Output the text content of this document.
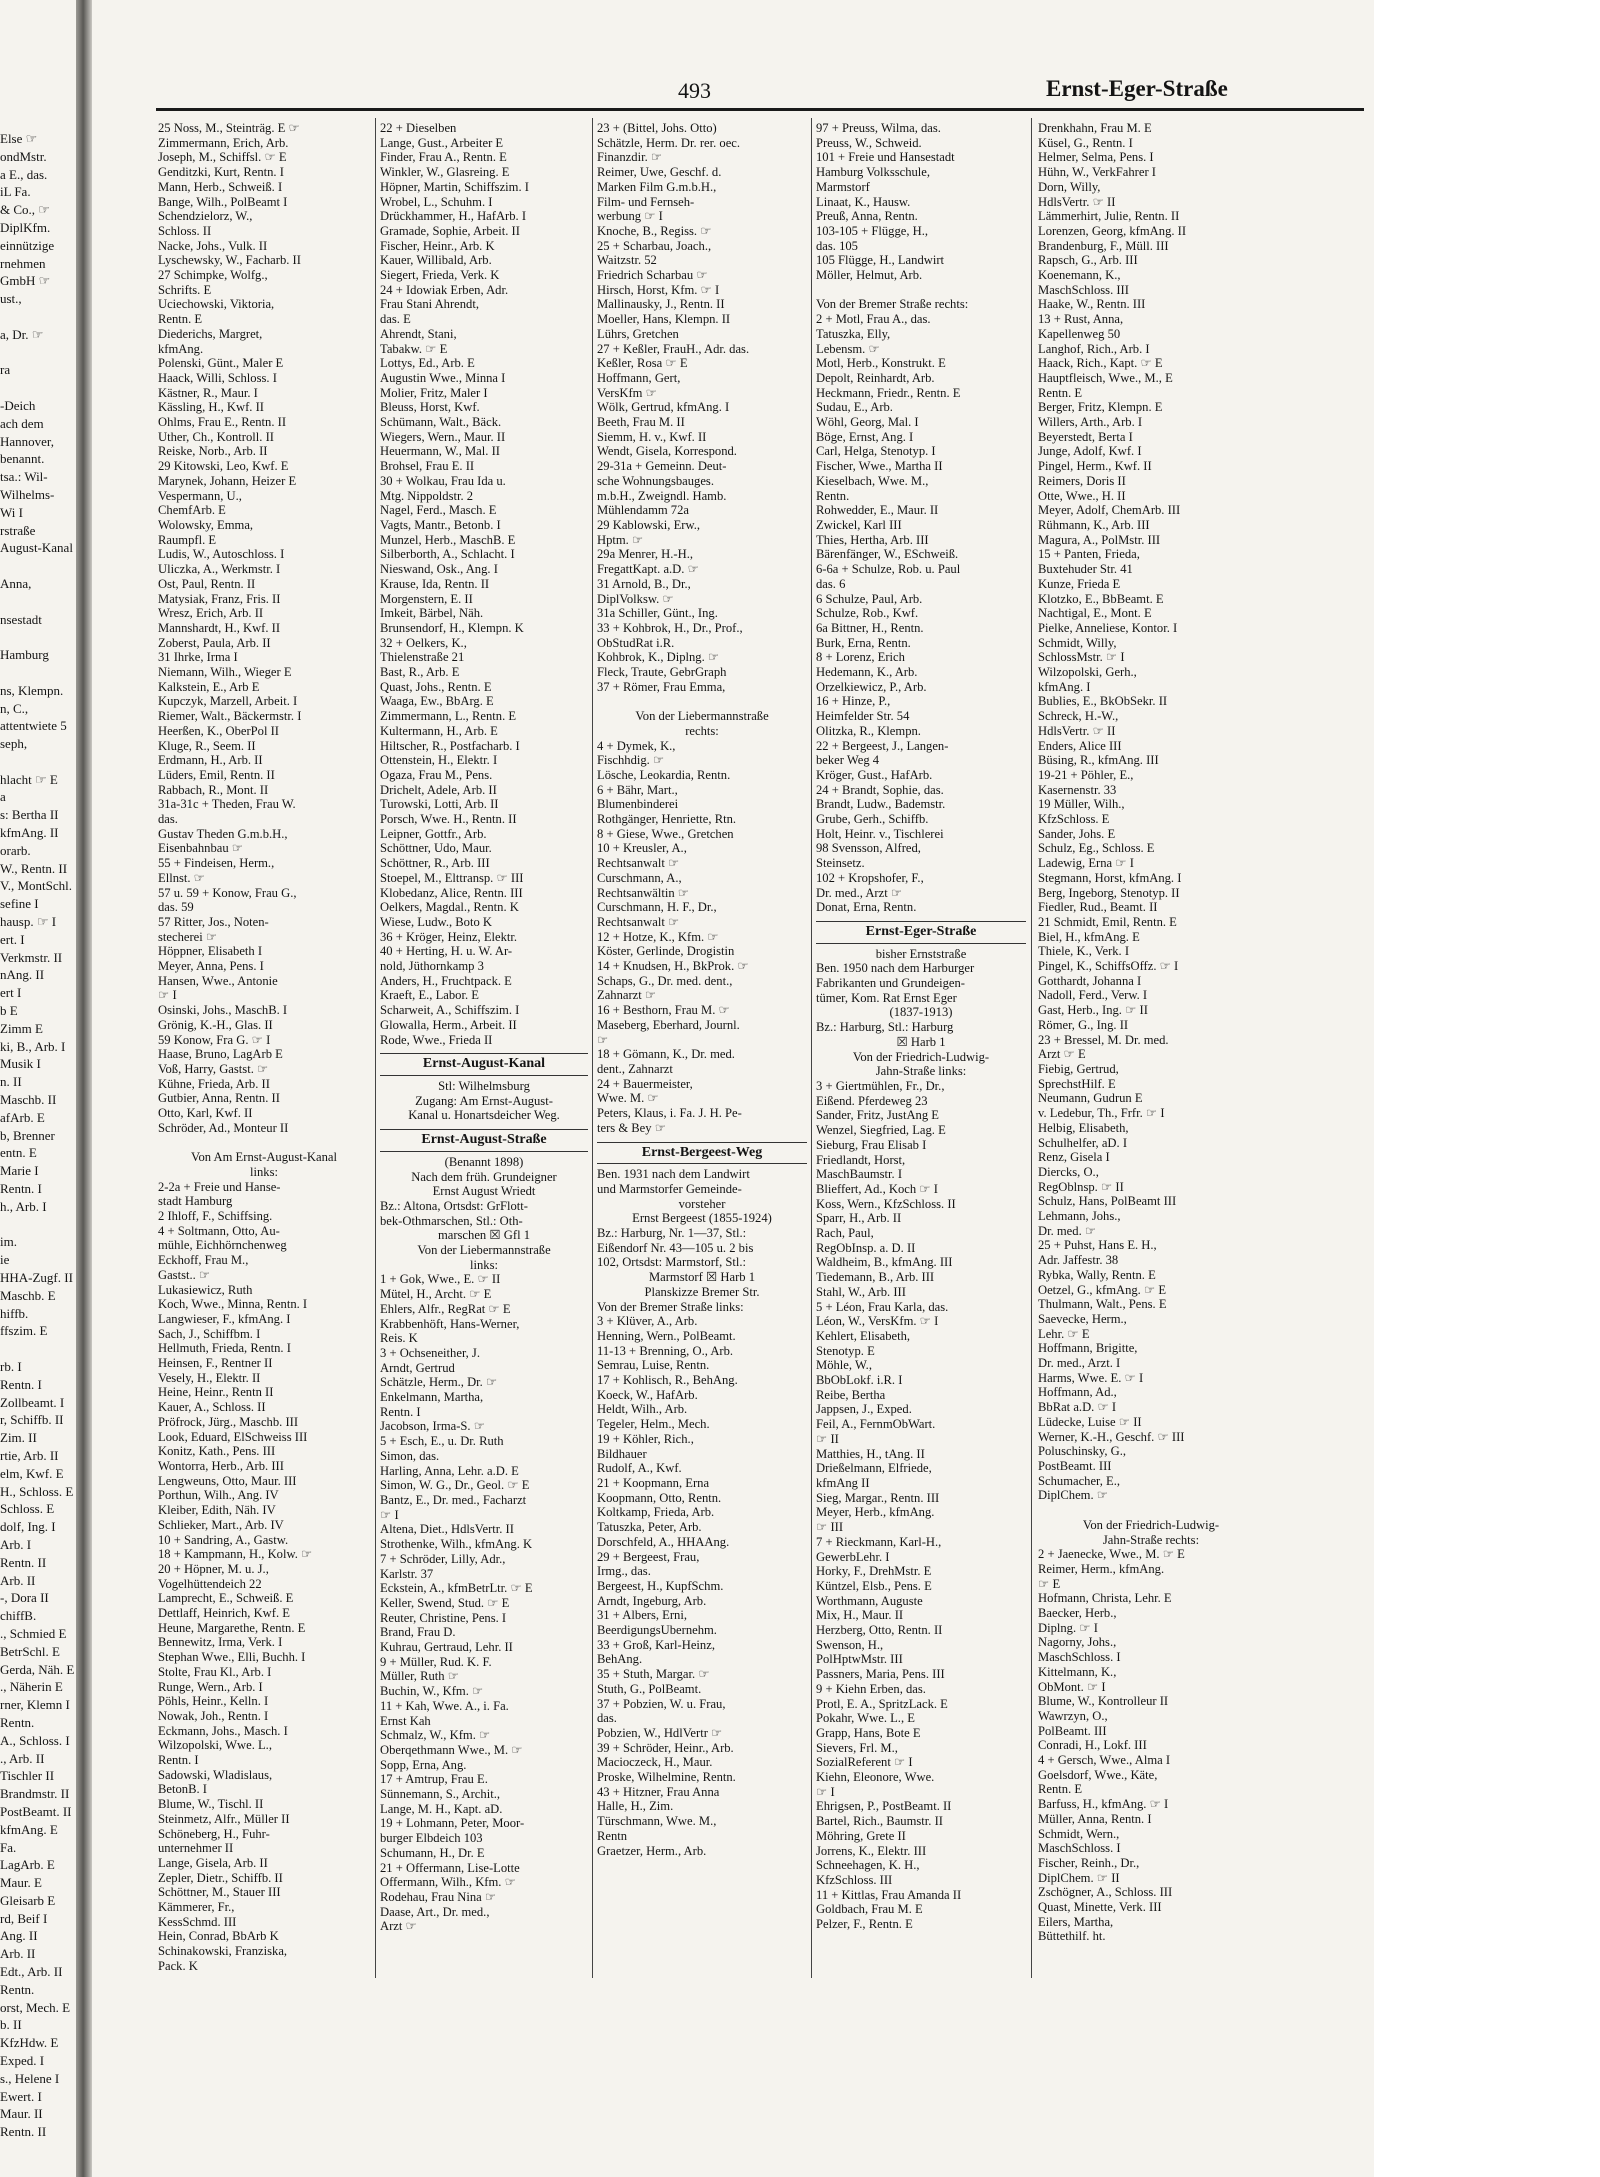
Else ☞
ondMstr.
a E., das.
iL Fa.
& Co., ☞
DiplKfm.
einnützige
rnehmen
GmbH ☞
ust.,

a, Dr. ☞

ra

-Deich
ach dem
Hannover,
benannt.
tsa.: Wil-
Wilhelms-
Wi I
rstraße
August-Kanal

Anna,

nsestadt

Hamburg

ns, Klempn.
n, C.,
attentwiete 5
seph,

hlacht ☞ E
a
s: Bertha II
kfmAng. II
orarb.
W., Rentn. II
V., MontSchl.
sefine I
hausp. ☞ I
ert. I
Verkmstr. II
nAng. II
ert I
b E
Zimm E
ki, B., Arb. I
Musik I
n. II
Maschb. II
afArb. E
b, Brenner
entn. E
Marie I
Rentn. I
h., Arb. I

im.
ie
HHA-Zugf. II
Maschb. E
hiffb.
ffszim. E

rb. I
Rentn. I
Zollbeamt. I
r, Schiffb. II
Zim. II
rtie, Arb. II
elm, Kwf. E
H., Schloss. E
Schloss. E
dolf, Ing. I
Arb. I
Rentn. II
Arb. II
-, Dora II
chiffB.
., Schmied E
BetrSchl. E
Gerda, Näh. E
., Näherin E
rner, Klemn I
Rentn.
A., Schloss. I
., Arb. II
Tischler II
Brandmstr. II
PostBeamt. II
kfmAng. E
Fa.
LagArb. E
Maur. E
Gleisarb E
rd, Beif I
Ang. II
Arb. II
Edt., Arb. II
Rentn.
orst, Mech. E
b. II
KfzHdw. E
Exped. I
s., Helene I
Ewert. I
Maur. II
Rentn. II
493	Ernst-Eger-Straße
25 Noss, M., Steinträg. E ☞
Zimmermann, Erich, Arb.
Joseph, M., Schiffsl. ☞ E
Genditzki, Kurt, Rentn. I
Mann, Herb., Schweiß. I
Bange, Wilh., PolBeamt I
Schendzielorz, W.,
Schloss. II
Nacke, Johs., Vulk. II
Lyschewsky, W., Facharb. II
27 Schimpke, Wolfg.,
Schrifts. E
Uciechowski, Viktoria,
Rentn. E
Diederichs, Margret,
kfmAng.
Polenski, Günt., Maler E
Haack, Willi, Schloss. I
Kästner, R., Maur. I
Kässling, H., Kwf. II
Ohlms, Frau E., Rentn. II
Uther, Ch., Kontroll. II
Reiske, Norb., Arb. II
29 Kitowski, Leo, Kwf. E
Marynek, Johann, Heizer E
Vespermann, U.,
ChemfArb. E
Wolowsky, Emma,
Raumpfl. E
Ludis, W., Autoschloss. I
Uliczka, A., Werkmstr. I
Ost, Paul, Rentn. II
Matysiak, Franz, Fris. II
Wresz, Erich, Arb. II
Mannshardt, H., Kwf. II
Zoberst, Paula, Arb. II
31 Ihrke, Irma I
Niemann, Wilh., Wieger E
Kalkstein, E., Arb E
Kupczyk, Marzell, Arbeit. I
Riemer, Walt., Bäckermstr. I
Heerßen, K., OberPol II
Kluge, R., Seem. II
Erdmann, H., Arb. II
Lüders, Emil, Rentn. II
Rabbach, R., Mont. II
31a-31c + Theden, Frau W.
das.
Gustav Theden G.m.b.H.,
Eisenbahnbau ☞
55 + Findeisen, Herm.,
Ellnst. ☞
57 u. 59 + Konow, Frau G.,
das. 59
57 Ritter, Jos., Noten-
stecherei ☞
Höppner, Elisabeth I
Meyer, Anna, Pens. I
Hansen, Wwe., Antonie
☞ I
Osinski, Johs., MaschB. I
Grönig, K.-H., Glas. II
59 Konow, Fra G. ☞ I
Haase, Bruno, LagArb E
Voß, Harry, Gastst. ☞
Kühne, Frieda, Arb. II
Gutbier, Anna, Rentn. II
Otto, Karl, Kwf. II
Schröder, Ad., Monteur II

Von Am Ernst-August-Kanal
links:
2-2a + Freie und Hanse-
stadt Hamburg
2 Ihloff, F., Schiffsing.
4 + Soltmann, Otto, Au-
mühle, Eichhörnchenweg
Eckhoff, Frau M.,
Gastst.. ☞
Lukasiewicz, Ruth
Koch, Wwe., Minna, Rentn. I
Langwieser, F., kfmAng. I
Sach, J., Schiffbm. I
Hellmuth, Frieda, Rentn. I
Heinsen, F., Rentner II
Vesely, H., Elektr. II
Heine, Heinr., Rentn II
Kauer, A., Schloss. II
Pröfrock, Jürg., Maschb. III
Look, Eduard, ElSchweiss III
Konitz, Kath., Pens. III
Wontorra, Herb., Arb. III
Lengweuns, Otto, Maur. III
Porthun, Wilh., Ang. IV
Kleiber, Edith, Näh. IV
Schlieker, Mart., Arb. IV
10 + Sandring, A., Gastw.
18 + Kampmann, H., Kolw. ☞
20 + Höpner, M. u. J.,
Vogelhüttendeich 22
Lamprecht, E., Schweiß. E
Dettlaff, Heinrich, Kwf. E
Heune, Margarethe, Rentn. E
Bennewitz, Irma, Verk. I
Stephan Wwe., Elli, Buchh. I
Stolte, Frau Kl., Arb. I
Runge, Wern., Arb. I
Pöhls, Heinr., Kelln. I
Nowak, Joh., Rentn. I
Eckmann, Johs., Masch. I
Wilzopolski, Wwe. L.,
Rentn. I
Sadowski, Wladislaus,
BetonB. I
Blume, W., Tischl. II
Steinmetz, Alfr., Müller II
Schöneberg, H., Fuhr-
unternehmer II
Lange, Gisela, Arb. II
Zepler, Dietr., Schiffb. II
Schöttner, M., Stauer III
Kämmerer, Fr.,
KessSchmd. III
Hein, Conrad, BbArb K
Schinakowski, Franziska,
Pack. K
22 + Dieselben
Lange, Gust., Arbeiter E
Finder, Frau A., Rentn. E
Winkler, W., Glasreing. E
Höpner, Martin, Schiffszim. I
Wrobel, L., Schuhm. I
Drückhammer, H., HafArb. I
Gramade, Sophie, Arbeit. II
Fischer, Heinr., Arb. K
Kauer, Willibald, Arb.
Siegert, Frieda, Verk. K
24 + Idowiak Erben, Adr.
Frau Stani Ahrendt,
das. E
Ahrendt, Stani,
Tabakw. ☞ E
Lottys, Ed., Arb. E
Augustin Wwe., Minna I
Molier, Fritz, Maler I
Bleuss, Horst, Kwf.
Schümann, Walt., Bäck.
Wiegers, Wern., Maur. II
Heuermann, W., Mal. II
Brohsel, Frau E. II
30 + Wolkau, Frau Ida u.
Mtg. Nippoldstr. 2
Nagel, Ferd., Masch. E
Vagts, Mantr., Betonb. I
Munzel, Herb., MaschB. E
Silberborth, A., Schlacht. I
Nieswand, Osk., Ang. I
Krause, Ida, Rentn. II
Morgenstern, E. II
Imkeit, Bärbel, Näh.
Brunsendorf, H., Klempn. K
32 + Oelkers, K.,
Thielenstraße 21
Bast, R., Arb. E
Quast, Johs., Rentn. E
Waaga, Ew., BbArg. E
Zimmermann, L., Rentn. E
Kultermann, H., Arb. E
Hiltscher, R., Postfacharb. I
Ottenstein, H., Elektr. I
Ogaza, Frau M., Pens.
Drichelt, Adele, Arb. II
Turowski, Lotti, Arb. II
Porsch, Wwe. H., Rentn. II
Leipner, Gottfr., Arb.
Schöttner, Udo, Maur.
Schöttner, R., Arb. III
Stoepel, M., Elttransp. ☞ III
Klobedanz, Alice, Rentn. III
Oelkers, Magdal., Rentn. K
Wiese, Ludw., Boto K
36 + Kröger, Heinz, Elektr.
40 + Herting, H. u. W. Ar-
nold, Jüthornkamp 3
Anders, H., Fruchtpack. E
Kraeft, E., Labor. E
Scharweit, A., Schiffszim. I
Glowalla, Herm., Arbeit. II
Rode, Wwe., Frieda II
Ernst-August-Kanal
Stl: Wilhelmsburg
Zugang: Am Ernst-August-
Kanal u. Honartsdeicher Weg.
Ernst-August-Straße
(Benannt 1898)
Nach dem früh. Grundeigner
Ernst August Wriedt
Bz.: Altona, Ortsdst: GrFlott-
bek-Othmarschen, Stl.: Oth-
marschen ☒ Gfl 1
Von der Liebermannstraße
links:
1 + Gok, Wwe., E. ☞ II
Mütel, H., Archt. ☞ E
Ehlers, Alfr., RegRat ☞ E
Krabbenhöft, Hans-Werner,
Reis. K
3 + Ochseneither, J.
Arndt, Gertrud
Schätzle, Herm., Dr. ☞
Enkelmann, Martha,
Rentn. I
Jacobson, Irma-S. ☞
5 + Esch, E., u. Dr. Ruth
Simon, das.
Harling, Anna, Lehr. a.D. E
Simon, W. G., Dr., Geol. ☞ E
Bantz, E., Dr. med., Facharzt
☞ I
Altena, Diet., HdlsVertr. II
Strothenke, Wilh., kfmAng. K
7 + Schröder, Lilly, Adr.,
Karlstr. 37
Eckstein, A., kfmBetrLtr. ☞ E
Keller, Swend, Stud. ☞ E
Reuter, Christine, Pens. I
Brand, Frau D.
Kuhrau, Gertraud, Lehr. II
9 + Müller, Rud. K. F.
Müller, Ruth ☞
Buchin, W., Kfm. ☞
11 + Kah, Wwe. A., i. Fa.
Ernst Kah
Schmalz, W., Kfm. ☞
Oberqethmann Wwe., M. ☞
Sopp, Erna, Ang.
17 + Amtrup, Frau E.
Sünnemann, S., Archit.,
Lange, M. H., Kapt. aD.
19 + Lohmann, Peter, Moor-
burger Elbdeich 103
Schumann, H., Dr. E
21 + Offermann, Lise-Lotte
Offermann, Wilh., Kfm. ☞
Rodehau, Frau Nina ☞
Daase, Art., Dr. med.,
Arzt ☞
23 + (Bittel, Johs. Otto)
Schätzle, Herm. Dr. rer. oec.
Finanzdir. ☞
Reimer, Uwe, Geschf. d.
Marken Film G.m.b.H.,
Film- und Fernseh-
werbung ☞ I
Knoche, B., Regiss. ☞
25 + Scharbau, Joach.,
Waitzstr. 52
Friedrich Scharbau ☞
Hirsch, Horst, Kfm. ☞ I
Mallinausky, J., Rentn. II
Moeller, Hans, Klempn. II
Lührs, Gretchen
27 + Keßler, FrauH., Adr. das.
Keßler, Rosa ☞ E
Hoffmann, Gert,
VersKfm ☞
Wölk, Gertrud, kfmAng. I
Beeth, Frau M. II
Siemm, H. v., Kwf. II
Wendt, Gisela, Korrespond.
29-31a + Gemeinn. Deut-
sche Wohnungsbauges.
m.b.H., Zweigndl. Hamb.
Mühlendamm 72a
29 Kablowski, Erw.,
Hptm. ☞
29a Menrer, H.-H.,
FregattKapt. a.D. ☞
31 Arnold, B., Dr.,
DiplVolksw. ☞
31a Schiller, Günt., Ing.
33 + Kohbrok, H., Dr., Prof.,
ObStudRat i.R.
Kohbrok, K., Diplng. ☞
Fleck, Traute, GebrGraph
37 + Römer, Frau Emma,

Von der Liebermannstraße
rechts:
4 + Dymek, K.,
Fischhdig. ☞
Lösche, Leokardia, Rentn.
6 + Bähr, Mart.,
Blumenbinderei
Rothgänger, Henriette, Rtn.
8 + Giese, Wwe., Gretchen
10 + Kreusler, A.,
Rechtsanwalt ☞
Curschmann, A.,
Rechtsanwältin ☞
Curschmann, H. F., Dr.,
Rechtsanwalt ☞
12 + Hotze, K., Kfm. ☞
Köster, Gerlinde, Drogistin
14 + Knudsen, H., BkProk. ☞
Schaps, G., Dr. med. dent.,
Zahnarzt ☞
16 + Besthorn, Frau M. ☞
Maseberg, Eberhard, Journl.
☞
18 + Gömann, K., Dr. med.
dent., Zahnarzt
24 + Bauermeister,
Wwe. M. ☞
Peters, Klaus, i. Fa. J. H. Pe-
ters & Bey ☞
Ernst-Bergeest-Weg
Ben. 1931 nach dem Landwirt
und Marmstorfer Gemeinde-
vorsteher
Ernst Bergeest (1855-1924)
Bz.: Harburg, Nr. 1—37, Stl.:
Eißendorf Nr. 43—105 u. 2 bis
102, Ortsdst: Marmstorf, Stl.:
Marmstorf ☒ Harb 1
Planskizze Bremer Str.
Von der Bremer Straße links:
3 + Klüver, A., Arb.
Henning, Wern., PolBeamt.
11-13 + Brenning, O., Arb.
Semrau, Luise, Rentn.
17 + Kohlisch, R., BehAng.
Koeck, W., HafArb.
Heldt, Wilh., Arb.
Tegeler, Helm., Mech.
19 + Köhler, Rich.,
Bildhauer
Rudolf, A., Kwf.
21 + Koopmann, Erna
Koopmann, Otto, Rentn.
Koltkamp, Frieda, Arb.
Tatuszka, Peter, Arb.
Dorschfeld, A., HHAAng.
29 + Bergeest, Frau,
Irmg., das.
Bergeest, H., KupfSchm.
Arndt, Ingeburg, Arb.
31 + Albers, Erni,
BeerdigungsUbernehm.
33 + Groß, Karl-Heinz,
BehAng.
35 + Stuth, Margar. ☞
Stuth, G., PolBeamt.
37 + Pobzien, W. u. Frau,
das.
Pobzien, W., HdlVertr ☞
39 + Schröder, Heinr., Arb.
Macioczeck, H., Maur.
Proske, Wilhelmine, Rentn.
43 + Hitzner, Frau Anna
Halle, H., Zim.
Türschmann, Wwe. M.,
Rentn
Graetzer, Herm., Arb.
97 + Preuss, Wilma, das.
Preuss, W., Schweid.
101 + Freie und Hansestadt
Hamburg Volksschule,
Marmstorf
Linaat, K., Hausw.
Preuß, Anna, Rentn.
103-105 + Flügge, H.,
das. 105
105 Flügge, H., Landwirt
Möller, Helmut, Arb.

Von der Bremer Straße rechts:
2 + Motl, Frau A., das.
Tatuszka, Elly,
Lebensm. ☞
Motl, Herb., Konstrukt. E
Depolt, Reinhardt, Arb.
Heckmann, Friedr., Rentn. E
Sudau, E., Arb.
Wöhl, Georg, Mal. I
Böge, Ernst, Ang. I
Carl, Helga, Stenotyp. I
Fischer, Wwe., Martha II
Kieselbach, Wwe. M.,
Rentn.
Rohwedder, E., Maur. II
Zwickel, Karl III
Thies, Hertha, Arb. III
Bärenfänger, W., ESchweiß.
6-6a + Schulze, Rob. u. Paul
das. 6
6 Schulze, Paul, Arb.
Schulze, Rob., Kwf.
6a Bittner, H., Rentn.
Burk, Erna, Rentn.
8 + Lorenz, Erich
Hedemann, K., Arb.
Orzelkiewicz, P., Arb.
16 + Hinze, P.,
Heimfelder Str. 54
Olitzka, R., Klempn.
22 + Bergeest, J., Langen-
beker Weg 4
Kröger, Gust., HafArb.
24 + Brandt, Sophie, das.
Brandt, Ludw., Bademstr.
Grube, Gerh., Schiffb.
Holt, Heinr. v., Tischlerei
98 Svensson, Alfred,
Steinsetz.
102 + Kropshofer, F.,
Dr. med., Arzt ☞
Donat, Erna, Rentn.
Ernst-Eger-Straße
bisher Ernststraße
Ben. 1950 nach dem Harburger
Fabrikanten und Grundeigen-
tümer, Kom. Rat Ernst Eger
(1837-1913)
Bz.: Harburg, Stl.: Harburg
☒ Harb 1
Von der Friedrich-Ludwig-
Jahn-Straße links:
3 + Giertmühlen, Fr., Dr.,
Eißend. Pferdeweg 23
Sander, Fritz, JustAng E
Wenzel, Siegfried, Lag. E
Sieburg, Frau Elisab I
Friedlandt, Horst,
MaschBaumstr. I
Blieffert, Ad., Koch ☞ I
Koss, Wern., KfzSchloss. II
Sparr, H., Arb. II
Rach, Paul,
RegObInsp. a. D. II
Waldheim, B., kfmAng. III
Tiedemann, B., Arb. III
Stahl, W., Arb. III
5 + Léon, Frau Karla, das.
Léon, W., VersKfm. ☞ I
Kehlert, Elisabeth,
Stenotyp. E
Möhle, W.,
BbObLokf. i.R. I
Reibe, Bertha
Jappsen, J., Exped.
Feil, A., FernmObWart.
☞ II
Matthies, H., tAng. II
Drießelmann, Elfriede,
kfmAng II
Sieg, Margar., Rentn. III
Meyer, Herb., kfmAng.
☞ III
7 + Rieckmann, Karl-H.,
GewerbLehr. I
Horky, F., DrehMstr. E
Küntzel, Elsb., Pens. E
Worthmann, Auguste
Mix, H., Maur. II
Herzberg, Otto, Rentn. II
Swenson, H.,
PolHptwMstr. III
Passners, Maria, Pens. III
9 + Kiehn Erben, das.
Protl, E. A., SpritzLack. E
Pokahr, Wwe. L., E
Grapp, Hans, Bote E
Sievers, Frl. M.,
SozialReferent ☞ I
Kiehn, Eleonore, Wwe.
☞ I
Ehrigsen, P., PostBeamt. II
Bartel, Rich., Baumstr. II
Möhring, Grete II
Jorrens, K., Elektr. III
Schneehagen, K. H.,
KfzSchloss. III
11 + Kittlas, Frau Amanda II
Goldbach, Frau M. E
Pelzer, F., Rentn. E
Drenkhahn, Frau M. E
Küsel, G., Rentn. I
Helmer, Selma, Pens. I
Hühn, W., VerkFahrer I
Dorn, Willy,
HdlsVertr. ☞ II
Lämmerhirt, Julie, Rentn. II
Lorenzen, Georg, kfmAng. II
Brandenburg, F., Müll. III
Rapsch, G., Arb. III
Koenemann, K.,
MaschSchloss. III
Haake, W., Rentn. III
13 + Rust, Anna,
Kapellenweg 50
Langhof, Rich., Arb. I
Haack, Rich., Kapt. ☞ E
Hauptfleisch, Wwe., M., E
Rentn. E
Berger, Fritz, Klempn. E
Willers, Arth., Arb. I
Beyerstedt, Berta I
Junge, Adolf, Kwf. I
Pingel, Herm., Kwf. II
Reimers, Doris II
Otte, Wwe., H. II
Meyer, Adolf, ChemArb. III
Rühmann, K., Arb. III
Magura, A., PolMstr. III
15 + Panten, Frieda,
Buxtehuder Str. 41
Kunze, Frieda E
Klotzko, E., BbBeamt. E
Nachtigal, E., Mont. E
Pielke, Anneliese, Kontor. I
Schmidt, Willy,
SchlossMstr. ☞ I
Wilzopolski, Gerh.,
kfmAng. I
Bublies, E., BkObSekr. II
Schreck, H.-W.,
HdlsVertr. ☞ II
Enders, Alice III
Büsing, R., kfmAng. III
19-21 + Pöhler, E.,
Kasernenstr. 33
19 Müller, Wilh.,
KfzSchloss. E
Sander, Johs. E
Schulz, Eg., Schloss. E
Ladewig, Erna ☞ I
Stegmann, Horst, kfmAng. I
Berg, Ingeborg, Stenotyp. II
Fiedler, Rud., Beamt. II
21 Schmidt, Emil, Rentn. E
Biel, H., kfmAng. E
Thiele, K., Verk. I
Pingel, K., SchiffsOffz. ☞ I
Gotthardt, Johanna I
Nadoll, Ferd., Verw. I
Gast, Herb., Ing. ☞ II
Römer, G., Ing. II
23 + Bressel, M. Dr. med.
Arzt ☞ E
Fiebig, Gertrud,
SprechstHilf. E
Neumann, Gudrun E
v. Ledebur, Th., Frfr. ☞ I
Helbig, Elisabeth,
Schulhelfer, aD. I
Renz, Gisela I
Diercks, O.,
RegOblnsp. ☞ II
Schulz, Hans, PolBeamt III
Lehmann, Johs.,
Dr. med. ☞
25 + Puhst, Hans E. H.,
Adr. Jaffestr. 38
Rybka, Wally, Rentn. E
Oetzel, G., kfmAng. ☞ E
Thulmann, Walt., Pens. E
Saevecke, Herm.,
Lehr. ☞ E
Hoffmann, Brigitte,
Dr. med., Arzt. I
Harms, Wwe. E. ☞ I
Hoffmann, Ad.,
BbRat a.D. ☞ I
Lüdecke, Luise ☞ II
Werner, K.-H., Geschf. ☞ III
Poluschinsky, G.,
PostBeamt. III
Schumacher, E.,
DiplChem. ☞

Von der Friedrich-Ludwig-
Jahn-Straße rechts:
2 + Jaenecke, Wwe., M. ☞ E
Reimer, Herm., kfmAng.
☞ E
Hofmann, Christa, Lehr. E
Baecker, Herb.,
Diplng. ☞ I
Nagorny, Johs.,
MaschSchloss. I
Kittelmann, K.,
ObMont. ☞ I
Blume, W., Kontrolleur II
Wawrzyn, O.,
PolBeamt. III
Conradi, H., Lokf. III
4 + Gersch, Wwe., Alma I
Goelsdorf, Wwe., Käte,
Rentn. E
Barfuss, H., kfmAng. ☞ I
Müller, Anna, Rentn. I
Schmidt, Wern.,
MaschSchloss. I
Fischer, Reinh., Dr.,
DiplChem. ☞ II
Zschögner, A., Schloss. III
Quast, Minette, Verk. III
Eilers, Martha,
Büttethilf. ht.
